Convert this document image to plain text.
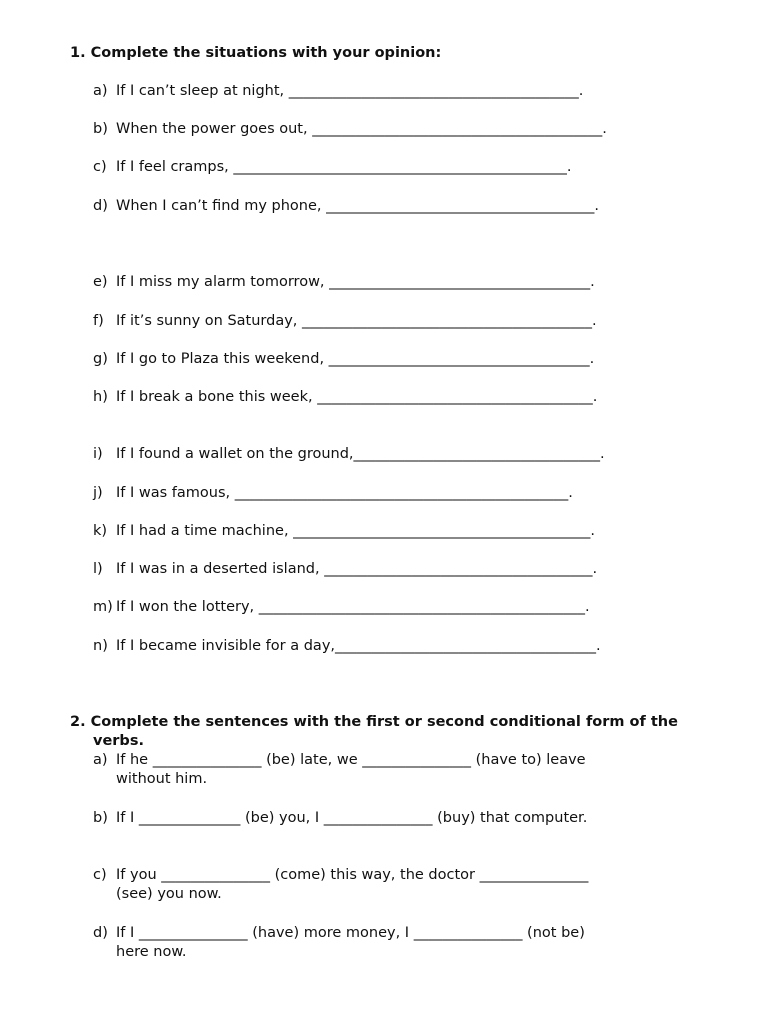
1. Complete the situations with your opinion:
a) If I can’t sleep at night, ________________________________________.
b) When the power goes out, ________________________________________.
c) If I feel cramps, ______________________________________________.
d) When I can’t find my phone, _____________________________________.
e) If I miss my alarm tomorrow, ____________________________________.
f) If it’s sunny on Saturday, ________________________________________.
g) If I go to Plaza this weekend, ____________________________________.
h) If I break a bone this week, ______________________________________.
i) If I found a wallet on the ground,__________________________________.
j) If I was famous, ______________________________________________.
k) If I had a time machine, _________________________________________.
l) If I was in a deserted island, _____________________________________.
m) If I won the lottery, _____________________________________________.
n) If I became invisible for a day,____________________________________.
2. Complete the sentences with the first or second conditional form of the
verbs.
a) If he _______________ (be) late, we _______________ (have to) leave
without him.
b) If I ______________ (be) you, I _______________ (buy) that computer.
c) If you _______________ (come) this way, the doctor _______________
(see) you now.
d) If I _______________ (have) more money, I _______________ (not be)
here now.
